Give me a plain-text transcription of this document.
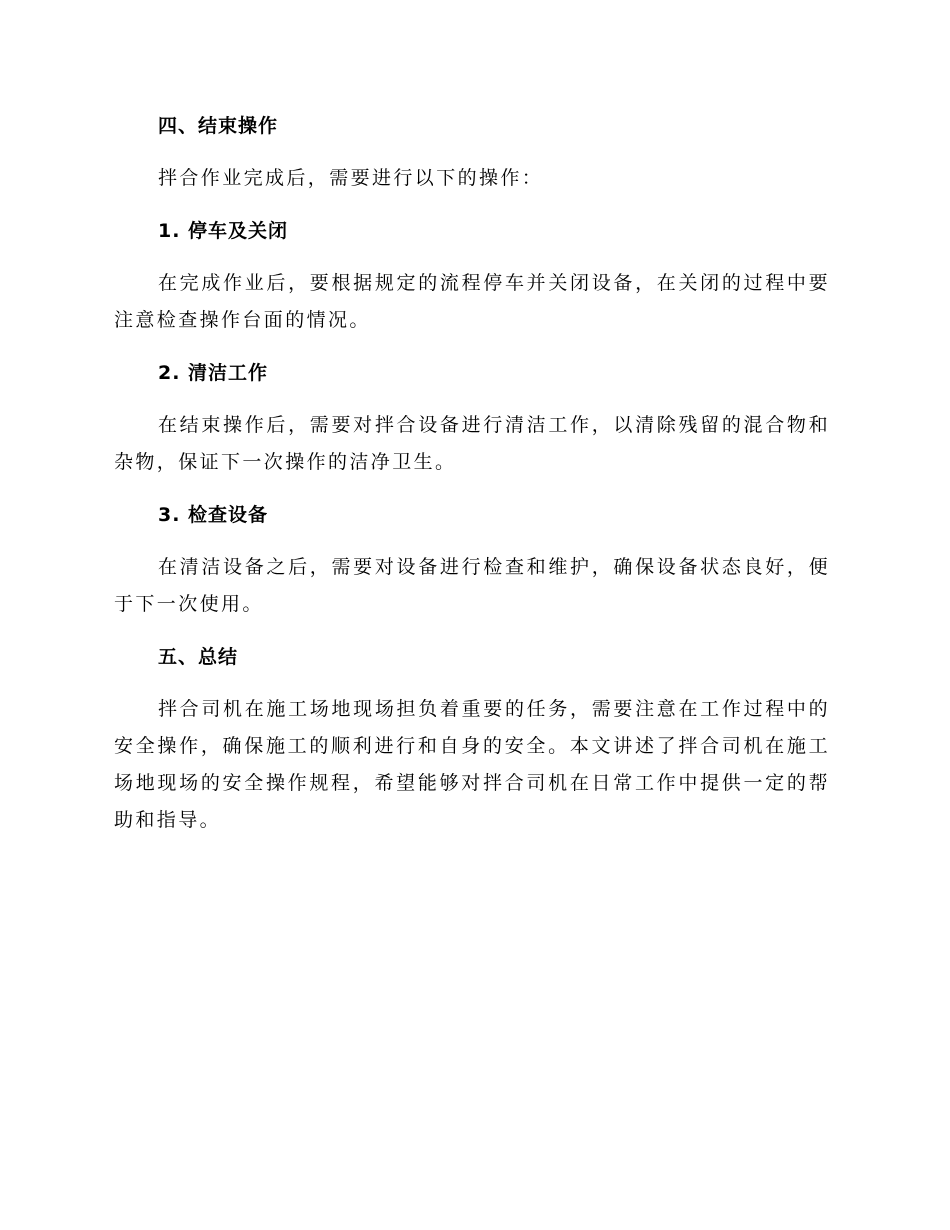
四、结束操作

拌合作业完成后，需要进行以下的操作：

1. 停车及关闭

在完成作业后，要根据规定的流程停车并关闭设备，在关闭的过程中要注意检查操作台面的情况。

2. 清洁工作

在结束操作后，需要对拌合设备进行清洁工作，以清除残留的混合物和杂物，保证下一次操作的洁净卫生。

3. 检查设备

在清洁设备之后，需要对设备进行检查和维护，确保设备状态良好，便于下一次使用。

五、总结

拌合司机在施工场地现场担负着重要的任务，需要注意在工作过程中的安全操作，确保施工的顺利进行和自身的安全。本文讲述了拌合司机在施工场地现场的安全操作规程，希望能够对拌合司机在日常工作中提供一定的帮助和指导。
